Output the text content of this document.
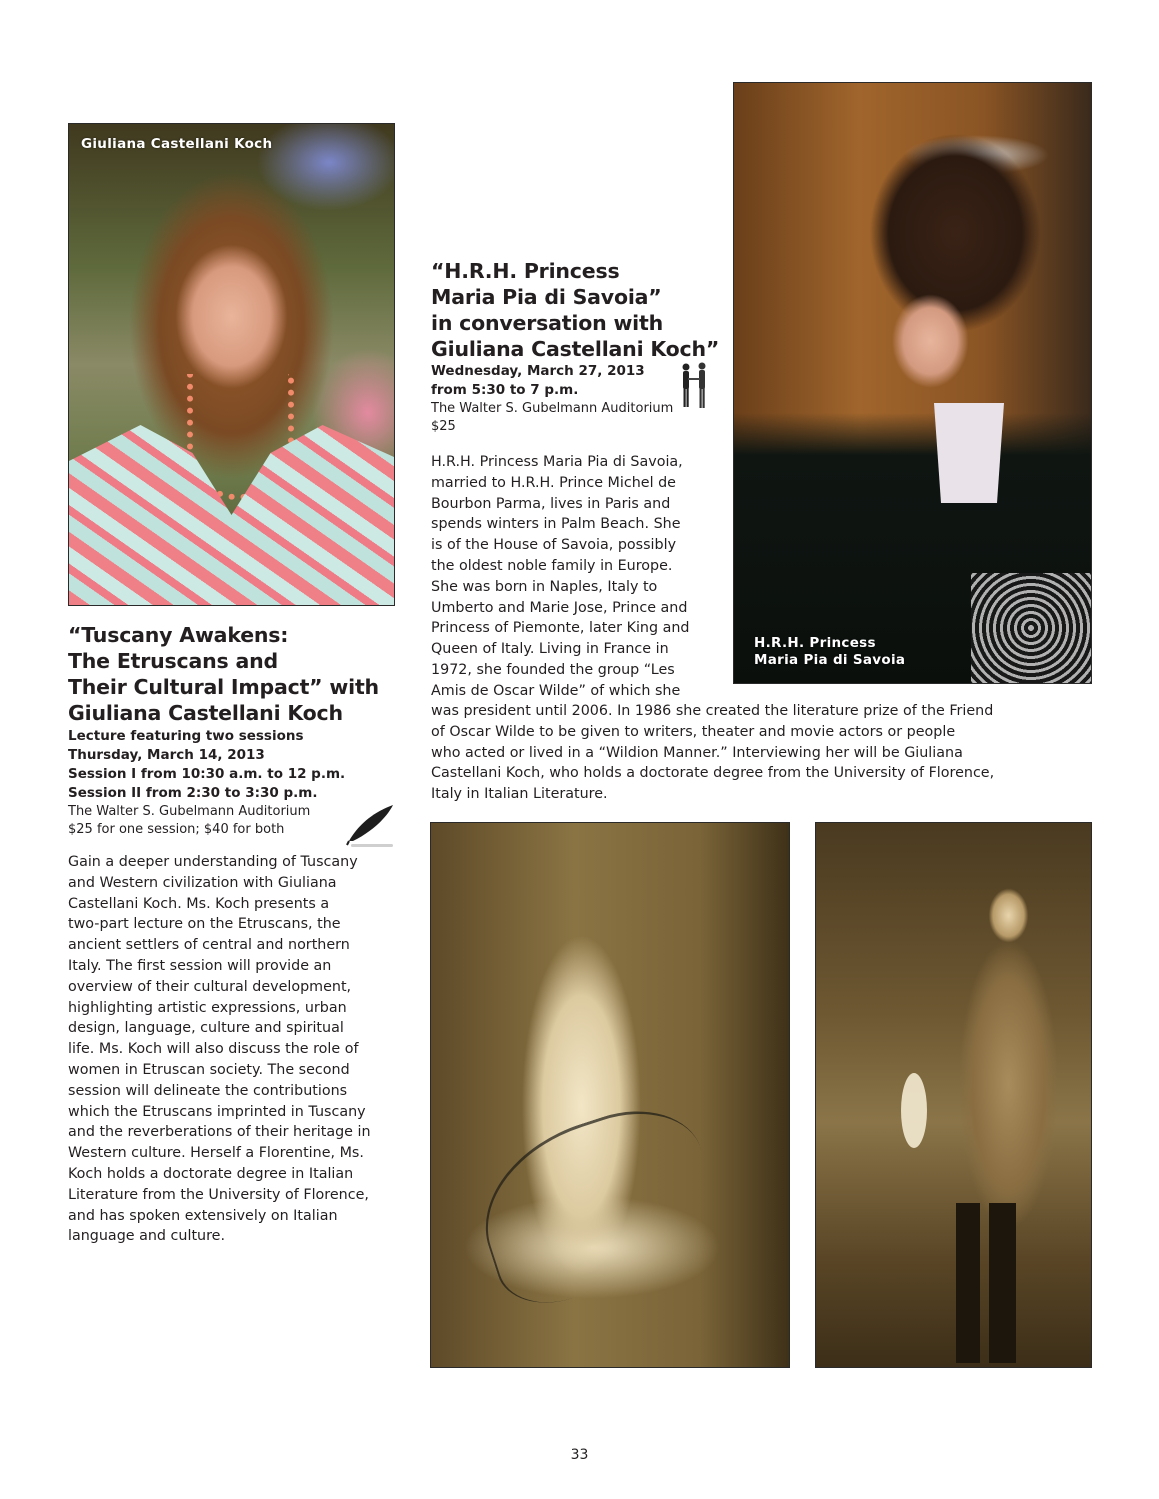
Giuliana Castellani Koch
H.R.H. Princess
Maria Pia di Savoia
“Tuscany Awakens:
The Etruscans and
Their Cultural Impact” with
Giuliana Castellani Koch
Lecture featuring two sessions
Thursday, March 14, 2013
Session I from 10:30 a.m. to 12 p.m.
Session II from 2:30 to 3:30 p.m.
The Walter S. Gubelmann Auditorium
$25 for one session; $40 for both

Gain a deeper understanding of Tuscany
and Western civilization with Giuliana
Castellani Koch. Ms. Koch presents a
two-part lecture on the Etruscans, the
ancient settlers of central and northern
Italy. The first session will provide an
overview of their cultural development,
highlighting artistic expressions, urban
design, language, culture and spiritual
life. Ms. Koch will also discuss the role of
women in Etruscan society. The second
session will delineate the contributions
which the Etruscans imprinted in Tuscany
and the reverberations of their heritage in
Western culture. Herself a Florentine, Ms.
Koch holds a doctorate degree in Italian
Literature from the University of Florence,
and has spoken extensively on Italian
language and culture.

“H.R.H. Princess
Maria Pia di Savoia”
in conversation with
Giuliana Castellani Koch”
Wednesday, March 27, 2013
from 5:30 to 7 p.m.
The Walter S. Gubelmann Auditorium
$25

H.R.H. Princess Maria Pia di Savoia,
married to H.R.H. Prince Michel de
Bourbon Parma, lives in Paris and
spends winters in Palm Beach. She
is of the House of Savoia, possibly
the oldest noble family in Europe.
She was born in Naples, Italy to
Umberto and Marie Jose, Prince and
Princess of Piemonte, later King and
Queen of Italy. Living in France in
1972, she founded the group “Les
Amis de Oscar Wilde” of which she

was president until 2006. In 1986 she created the literature prize of the Friend
of Oscar Wilde to be given to writers, theater and movie actors or people
who acted or lived in a “Wildion Manner.” Interviewing her will be Giuliana
Castellani Koch, who holds a doctorate degree from the University of Florence,
Italy in Italian Literature.

33
